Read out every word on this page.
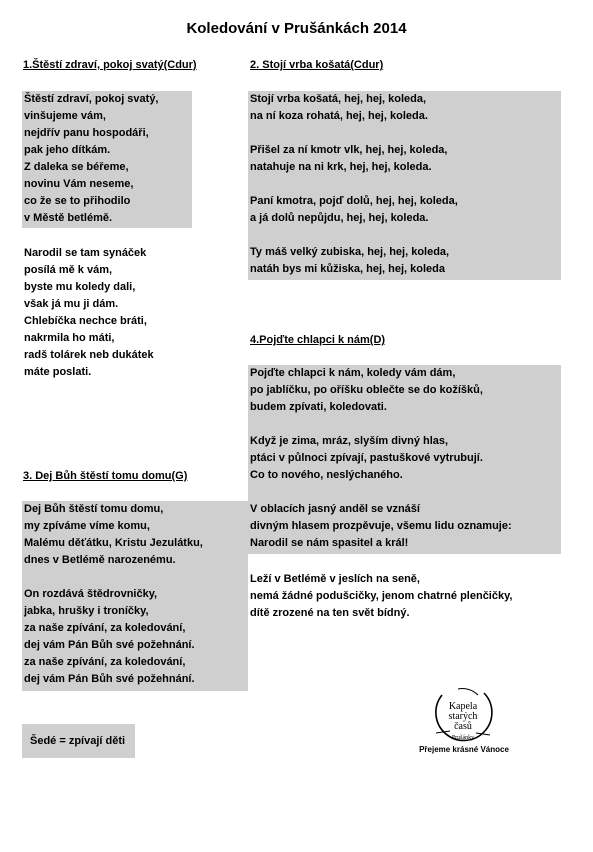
Koledování v Prušánkách 2014
1.Štěstí zdraví, pokoj svatý(Cdur)
Štěstí zdraví, pokoj svatý,
vinšujeme vám,
nejdřív panu hospodáři,
pak jeho dítkám.
Z daleka se béřeme,
novinu Vám neseme,
co že se to přihodilo
v Městě betlémě.
Narodil se tam synáček
posílá mě k vám,
byste mu koledy dali,
však já mu ji dám.
Chlebíčka nechce bráti,
nakrmila ho máti,
radš tolárek neb dukátek
máte poslati.
2. Stojí vrba košatá(Cdur)
Stojí vrba košatá, hej, hej, koleda,
na ní koza rohatá, hej, hej, koleda.
Přišel za ní kmotr vlk, hej, hej, koleda,
natahuje na ni krk, hej, hej, koleda.
Paní kmotra, pojď dolů, hej, hej, koleda,
a já dolů nepůjdu, hej, hej, koleda.
Ty máš velký zubiska, hej, hej, koleda,
natáh bys mi kůžiska, hej, hej, koleda
3. Dej Bůh štěstí tomu domu(G)
Dej Bůh štěstí tomu domu,
my zpíváme víme komu,
Malému děťátku, Kristu Jezulátku,
dnes v Betlémě narozenému.
On rozdává štědrovničky,
jabka, hrušky i troníčky,
za naše zpívání, za koledování,
dej vám Pán Bůh své požehnání.
za naše zpívání, za koledování,
dej vám Pán Bůh své požehnání.
4.Pojďte chlapci k nám(D)
Pojďte chlapci k nám, koledy vám dám,
po jablíčku, po oříšku oblečte se do kožíšků,
budem zpívati, koledovati.
Když je zima, mráz, slyším divný hlas,
ptáci v půlnoci zpívají, pastuškové vytrubují.
Co to nového, neslýchaného.
V oblacích jasný anděl se vznáší
divným hlasem prozpěvuje, všemu lidu oznamuje:
Narodil se nám spasitel a král!
Leží v Betlémě v jeslích na seně,
nemá žádné podušcičky, jenom chatrné plenčičky,
dítě zrozené na ten svět bídný.
Šedé = zpívají děti
Kapela
starých
časů
Prušánky
Přejeme krásné Vánoce
